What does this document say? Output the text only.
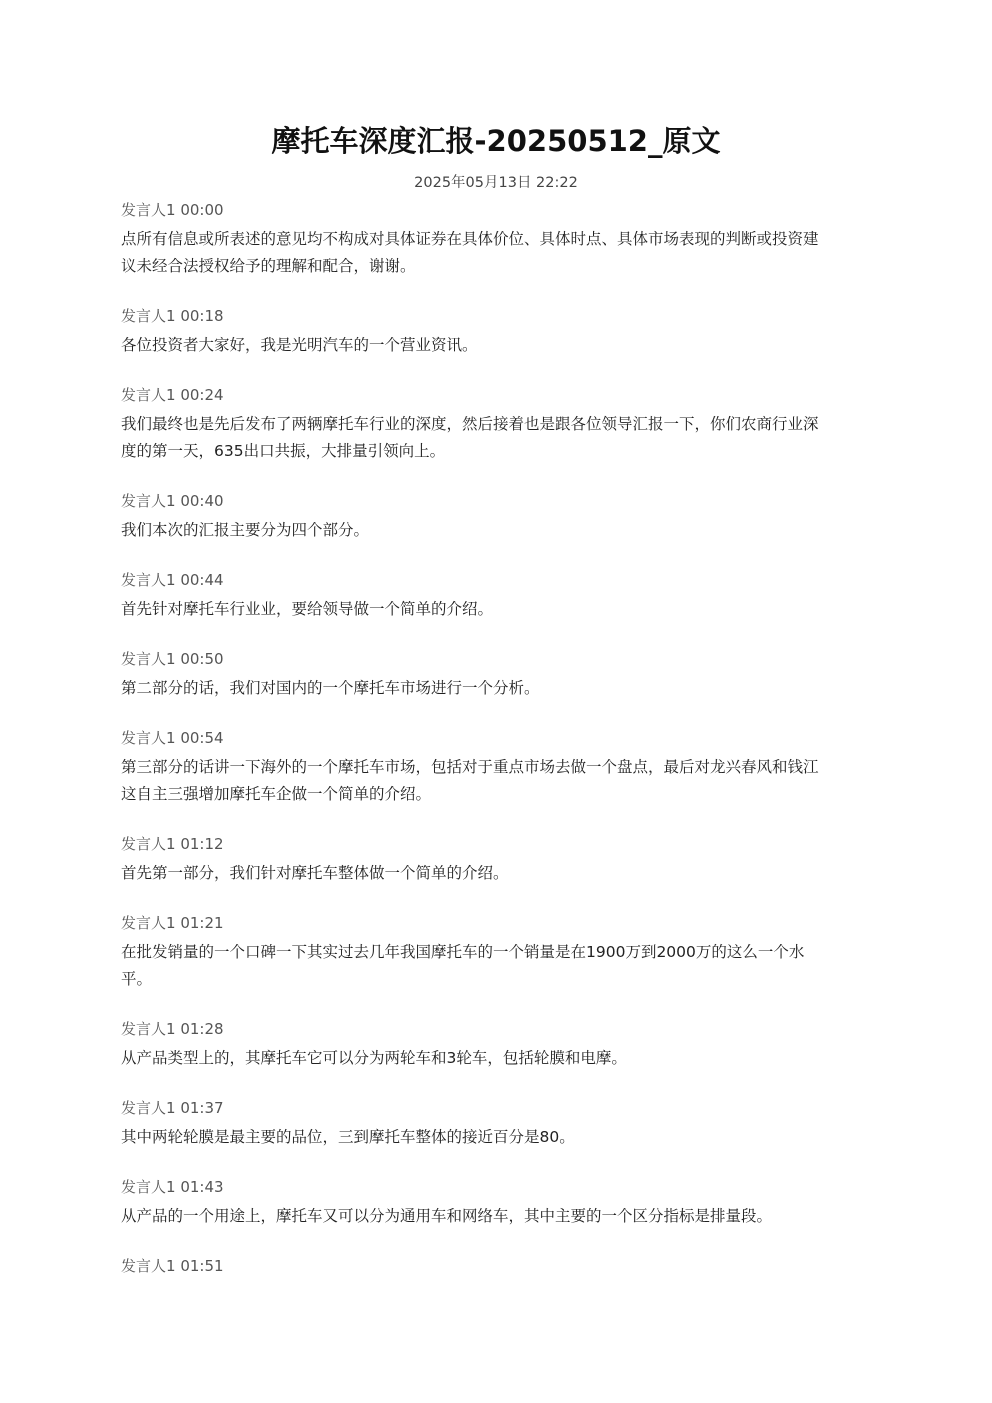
摩托车深度汇报-20250512_原文
2025年05月13日 22:22
发言人1 00:00

点所有信息或所表述的意见均不构成对具体证券在具体价位、具体时点、具体市场表现的判断或投资建
议未经合法授权给予的理解和配合，谢谢。

发言人1 00:18

各位投资者大家好，我是光明汽车的一个营业资讯。

发言人1 00:24

我们最终也是先后发布了两辆摩托车行业的深度，然后接着也是跟各位领导汇报一下，你们农商行业深
度的第一天，635出口共振，大排量引领向上。

发言人1 00:40

我们本次的汇报主要分为四个部分。

发言人1 00:44

首先针对摩托车行业业，要给领导做一个简单的介绍。

发言人1 00:50

第二部分的话，我们对国内的一个摩托车市场进行一个分析。

发言人1 00:54

第三部分的话讲一下海外的一个摩托车市场，包括对于重点市场去做一个盘点，最后对龙兴春风和钱江
这自主三强增加摩托车企做一个简单的介绍。

发言人1 01:12

首先第一部分，我们针对摩托车整体做一个简单的介绍。

发言人1 01:21

在批发销量的一个口碑一下其实过去几年我国摩托车的一个销量是在1900万到2000万的这么一个水
平。

发言人1 01:28

从产品类型上的，其摩托车它可以分为两轮车和3轮车，包括轮膜和电摩。

发言人1 01:37

其中两轮轮膜是最主要的品位，三到摩托车整体的接近百分是80。

发言人1 01:43

从产品的一个用途上，摩托车又可以分为通用车和网络车，其中主要的一个区分指标是排量段。

发言人1 01:51
